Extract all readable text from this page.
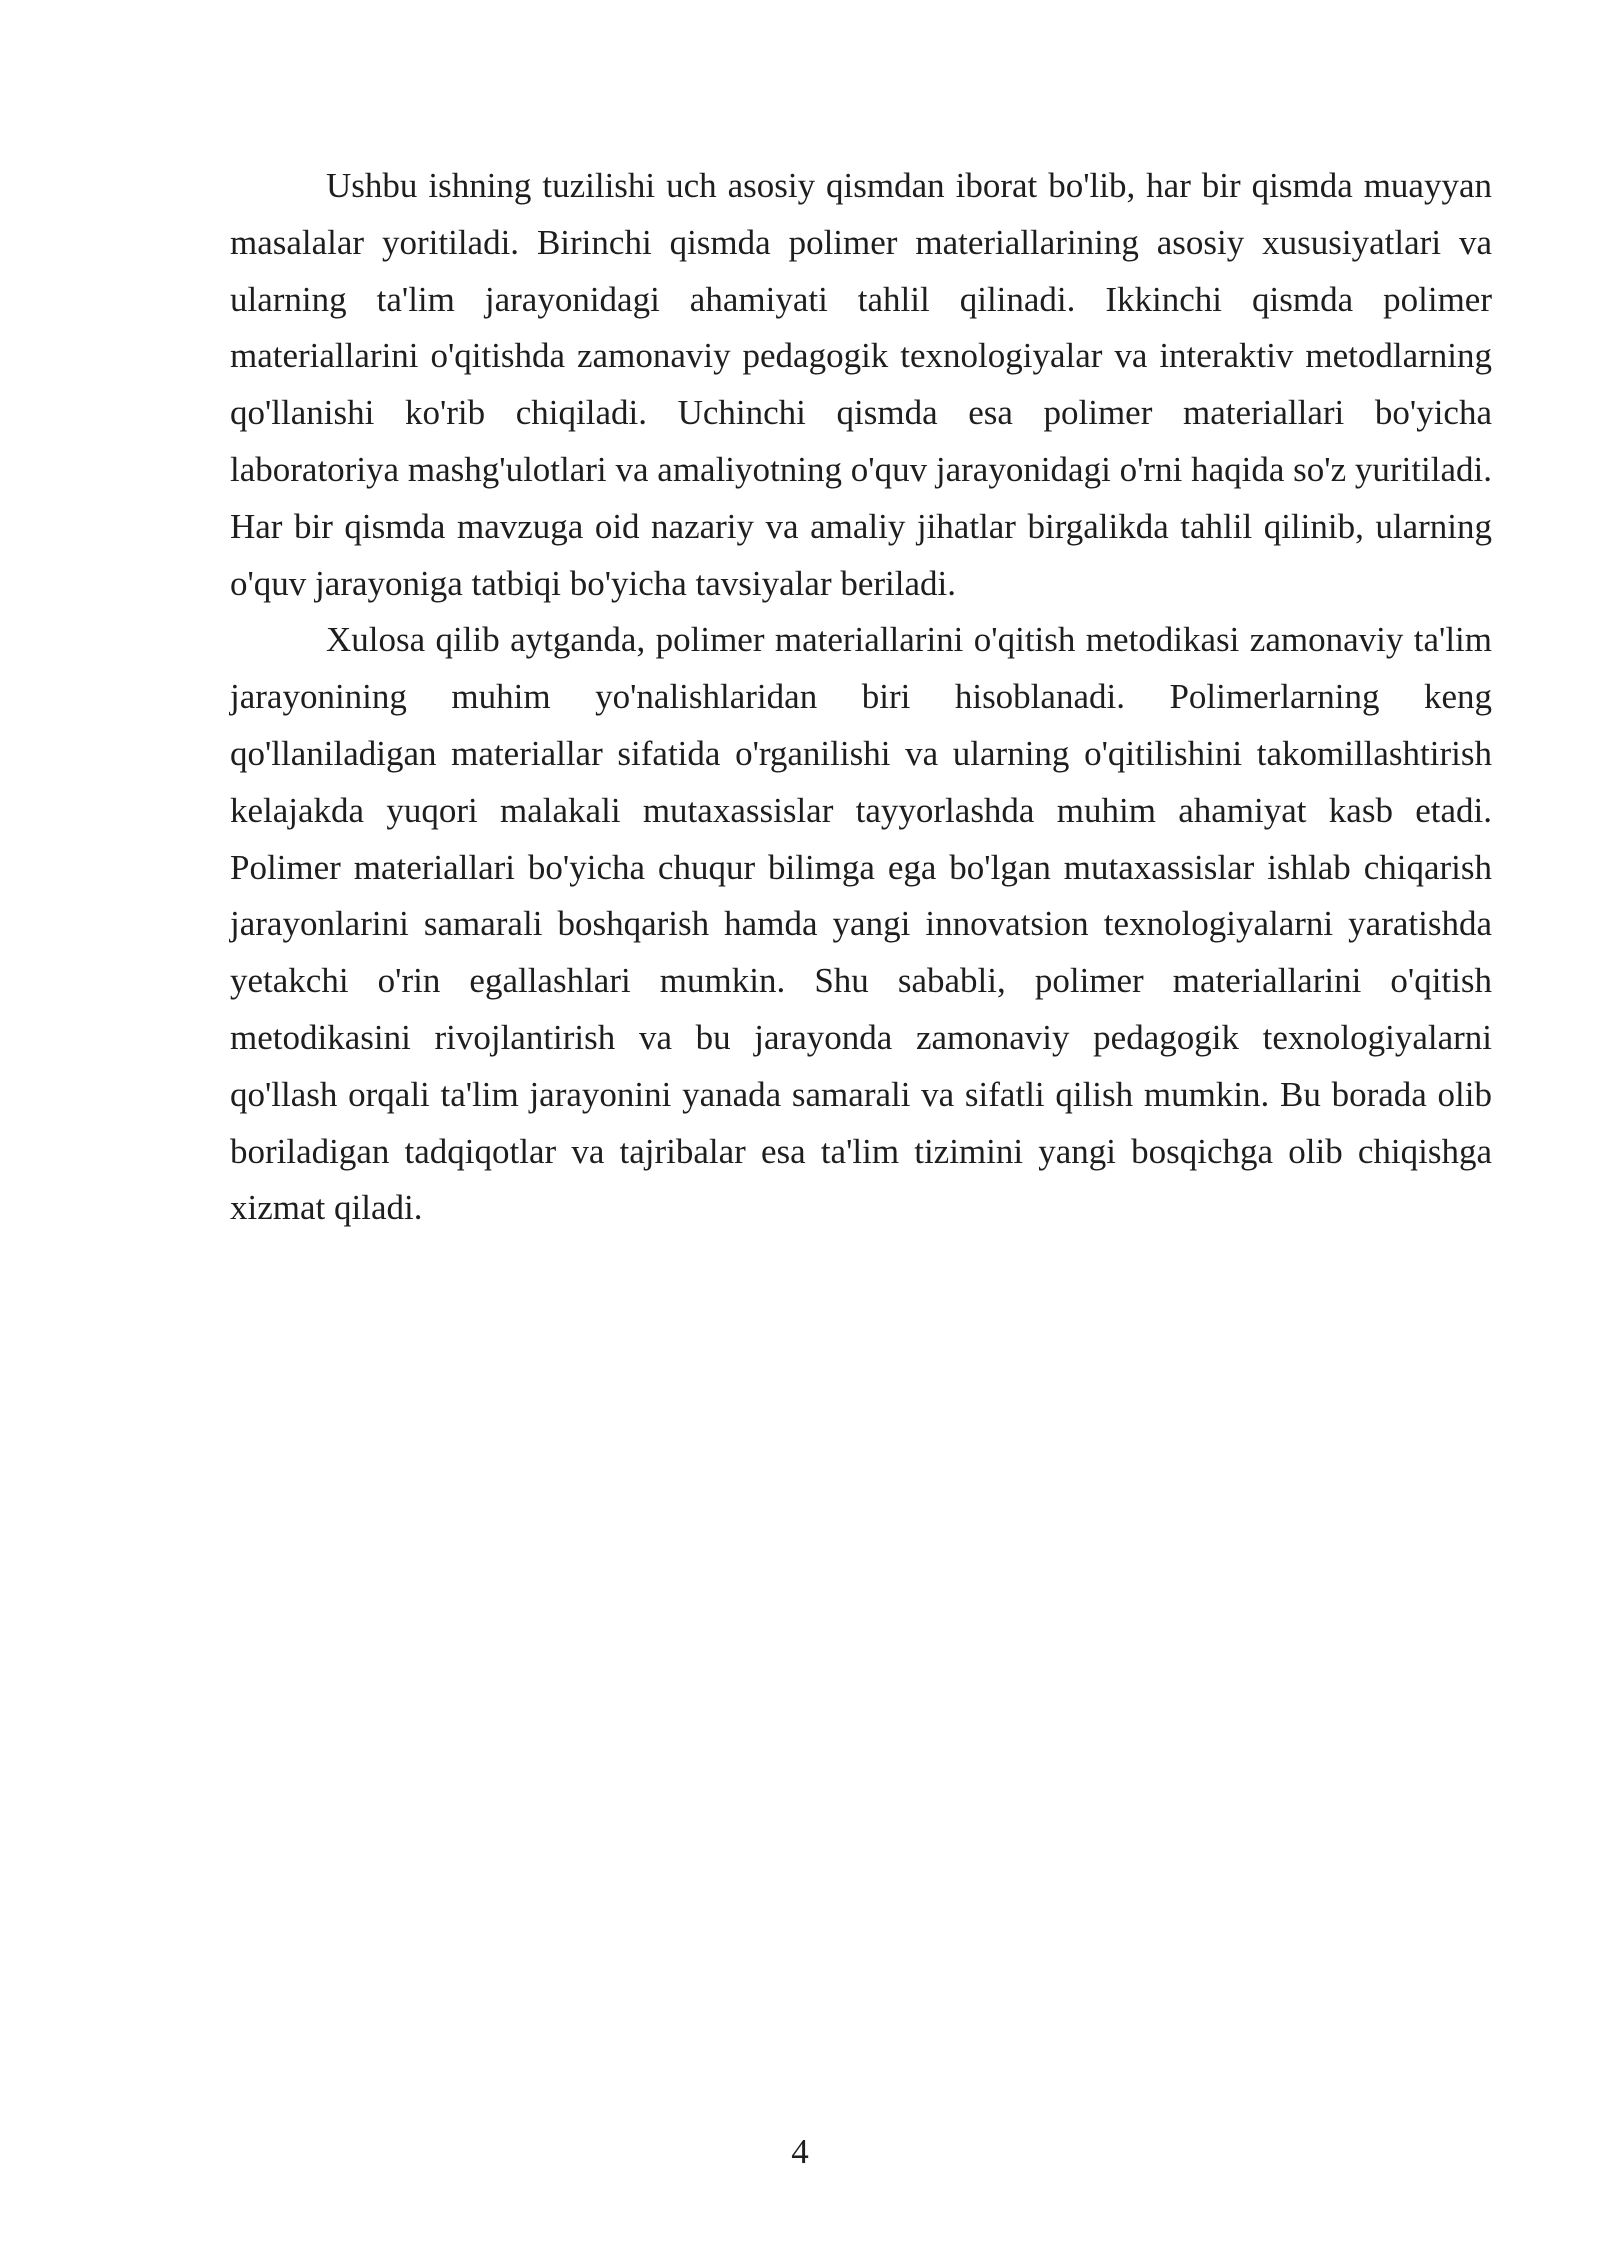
Ushbu ishning tuzilishi uch asosiy qismdan iborat bo'lib, har bir qismda muayyan masalalar yoritiladi. Birinchi qismda polimer materiallarining asosiy xususiyatlari va ularning ta'lim jarayonidagi ahamiyati tahlil qilinadi. Ikkinchi qismda polimer materiallarini o'qitishda zamonaviy pedagogik texnologiyalar va interaktiv metodlarning qo'llanishi ko'rib chiqiladi. Uchinchi qismda esa polimer materiallari bo'yicha laboratoriya mashg'ulotlari va amaliyotning o'quv jarayonidagi o'rni haqida so'z yuritiladi. Har bir qismda mavzuga oid nazariy va amaliy jihatlar birgalikda tahlil qilinib, ularning o'quv jarayoniga tatbiqi bo'yicha tavsiyalar beriladi.

Xulosa qilib aytganda, polimer materiallarini o'qitish metodikasi zamonaviy ta'lim jarayonining muhim yo'nalishlaridan biri hisoblanadi. Polimerlarning keng qo'llaniladigan materiallar sifatida o'rganilishi va ularning o'qitilishini takomillashtirish kelajakda yuqori malakali mutaxassislar tayyorlashda muhim ahamiyat kasb etadi. Polimer materiallari bo'yicha chuqur bilimga ega bo'lgan mutaxassislar ishlab chiqarish jarayonlarini samarali boshqarish hamda yangi innovatsion texnologiyalarni yaratishda yetakchi o'rin egallashlari mumkin. Shu sababli, polimer materiallarini o'qitish metodikasini rivojlantirish va bu jarayonda zamonaviy pedagogik texnologiyalarni qo'llash orqali ta'lim jarayonini yanada samarali va sifatli qilish mumkin. Bu borada olib boriladigan tadqiqotlar va tajribalar esa ta'lim tizimini yangi bosqichga olib chiqishga xizmat qiladi.

4
